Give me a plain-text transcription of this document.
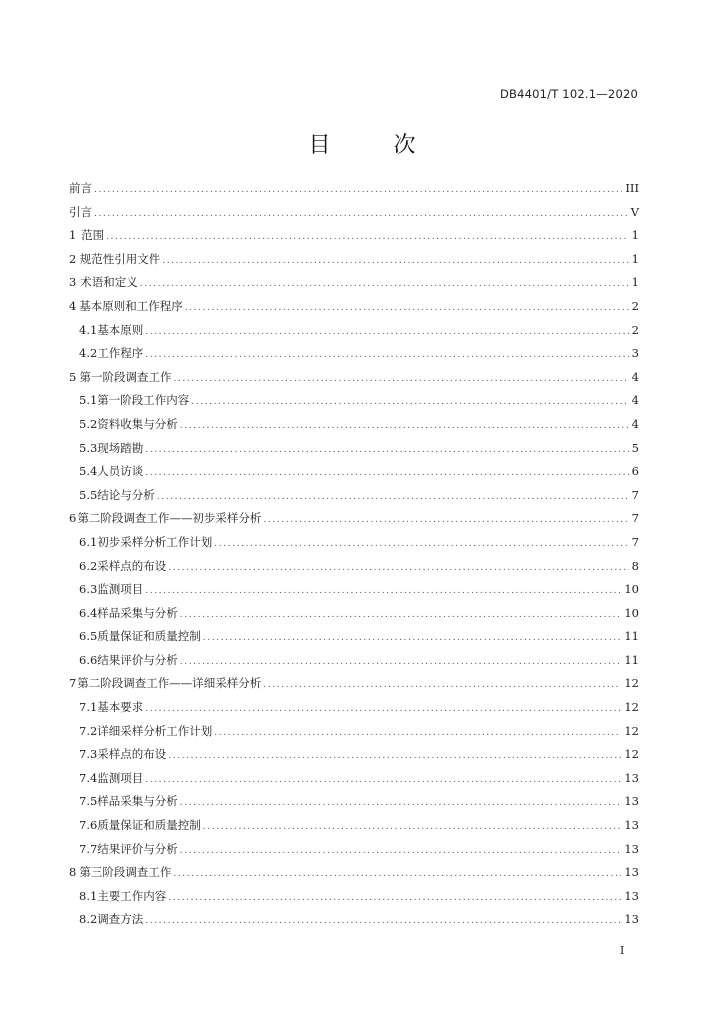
DB4401/T 102.1—2020
目 次
前言 .....	III
引言 .....	V
1 范围 .....	1
2 规范性引用文件 .....	1
3 术语和定义 .....	1
4 基本原则和工作程序 .....	2
4.1 基本原则 .....	2
4.2 工作程序 .....	3
5 第一阶段调查工作 .....	4
5.1 第一阶段工作内容 .....	4
5.2 资料收集与分析 .....	4
5.3 现场踏勘 .....	5
5.4 人员访谈 .....	6
5.5 结论与分析 .....	7
6 第二阶段调查工作——初步采样分析 .....	7
6.1 初步采样分析工作计划 .....	7
6.2 采样点的布设 .....	8
6.3 监测项目 .....	10
6.4 样品采集与分析 .....	10
6.5 质量保证和质量控制 .....	11
6.6 结果评价与分析 .....	11
7 第二阶段调查工作——详细采样分析 .....	12
7.1 基本要求 .....	12
7.2 详细采样分析工作计划 .....	12
7.3 采样点的布设 .....	12
7.4 监测项目 .....	13
7.5 样品采集与分析 .....	13
7.6 质量保证和质量控制 .....	13
7.7 结果评价与分析 .....	13
8 第三阶段调查工作 .....	13
8.1 主要工作内容 .....	13
8.2 调查方法 .....	13
I
